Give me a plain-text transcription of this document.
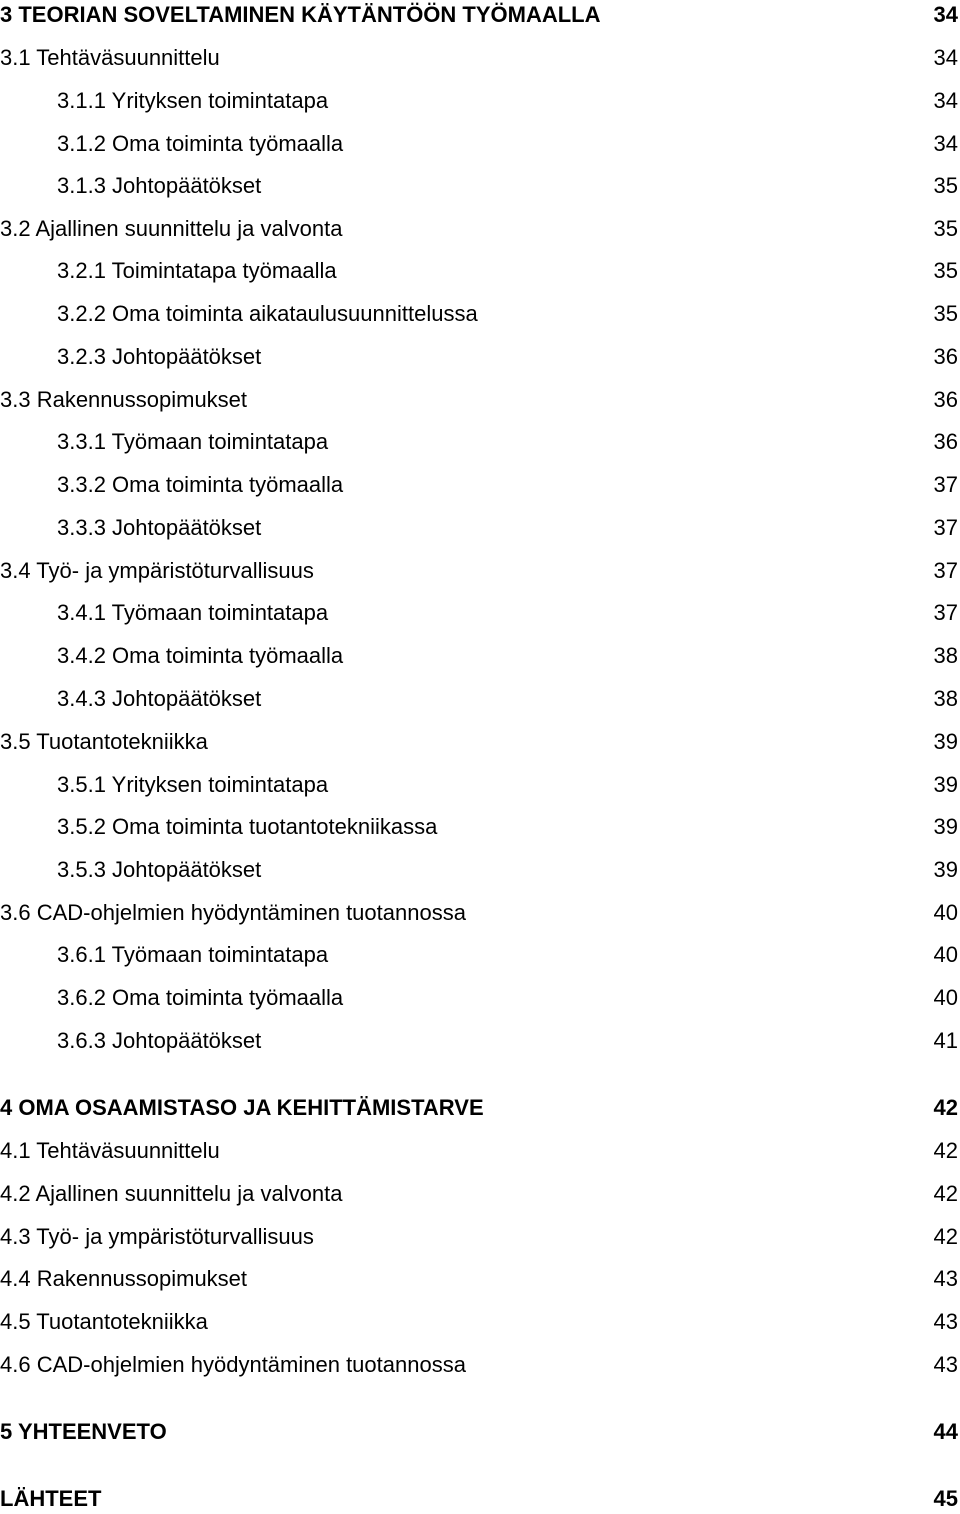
3 TEORIAN SOVELTAMINEN KÄYTÄNTÖÖN TYÖMAALLA	34
3.1 Tehtäväsuunnittelu	34
3.1.1 Yrityksen toimintatapa	34
3.1.2 Oma toiminta työmaalla	34
3.1.3 Johtopäätökset	35
3.2 Ajallinen suunnittelu ja valvonta	35
3.2.1 Toimintatapa työmaalla	35
3.2.2 Oma toiminta aikataulusuunnittelussa	35
3.2.3 Johtopäätökset	36
3.3 Rakennussopimukset	36
3.3.1 Työmaan toimintatapa	36
3.3.2 Oma toiminta työmaalla	37
3.3.3 Johtopäätökset	37
3.4 Työ- ja ympäristöturvallisuus	37
3.4.1 Työmaan toimintatapa	37
3.4.2 Oma toiminta työmaalla	38
3.4.3 Johtopäätökset	38
3.5 Tuotantotekniikka	39
3.5.1 Yrityksen toimintatapa	39
3.5.2 Oma toiminta tuotantotekniikassa	39
3.5.3 Johtopäätökset	39
3.6 CAD-ohjelmien hyödyntäminen tuotannossa	40
3.6.1 Työmaan toimintatapa	40
3.6.2 Oma toiminta työmaalla	40
3.6.3 Johtopäätökset	41
4 OMA OSAAMISTASO JA KEHITTÄMISTARVE	42
4.1 Tehtäväsuunnittelu	42
4.2 Ajallinen suunnittelu ja valvonta	42
4.3 Työ- ja ympäristöturvallisuus	42
4.4 Rakennussopimukset	43
4.5 Tuotantotekniikka	43
4.6 CAD-ohjelmien hyödyntäminen tuotannossa	43
5 YHTEENVETO	44
LÄHTEET	45
